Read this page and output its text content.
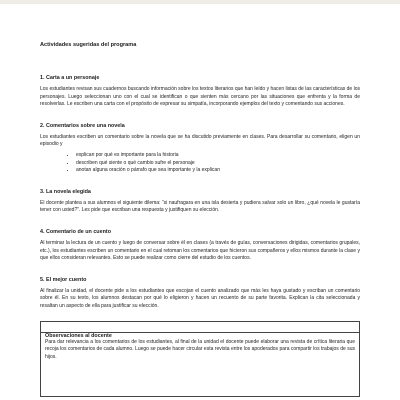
Actividades sugeridas del programa
1. Carta a un personaje

Los estudiantes revisan sus cuadernos buscando información sobre los textos literarios que han leído y hacen listas de las características de los personajes. Luego seleccionan uno con el cual se identifican o que sienten más cercano por las situaciones que enfrenta y la forma de resolverlas. Le escriben una carta con el propósito de expresar su simpatía, incorporando ejemplos del texto y comentando sus acciones.

2. Comentarios sobre una novela

Los estudiantes escriben un comentario sobre la novela que se ha discutido previamente en clases. Para desarrollar su comentario, eligen un episodio y

• explican por qué es importante para la historia
• describen qué siente o qué cambio sufre el personaje
• anotan alguna oración o párrafo que sea importante y la explican
3. La novela elegida

El docente plantea a sus alumnos el siguiente dilema: “si naufragara en una isla desierta y pudiera salvar solo un libro, ¿qué novela le gustaría tener con usted?”. Les pide que escriban una respuesta y justifiquen su elección.

4. Comentario de un cuento

Al terminar la lectura de un cuento y luego de conversar sobre él en clases (a través de guías, conversaciones dirigidas, comentarios grupales, etc.), los estudiantes escriben un comentario en el cual retoman los comentarios que hicieron sus compañeros y ellos mismos durante la clase y que ellos consideran relevantes. Esto se puede realizar como cierre del estudio de los cuentos.

5. El mejor cuento

Al finalizar la unidad, el docente pide a los estudiantes que escojan el cuento analizado que más les haya gustado y escriban un comentario sobre él. En su texto, los alumnos destacan por qué lo eligieron y hacen un recuento de su parte favorita. Explican la cita seleccionada y resaltan un aspecto de ella para justificar su elección.

Observaciones al docente

Para dar relevancia a los comentarios de los estudiantes, al final de la unidad el docente puede elaborar una revista de crítica literaria que recoja los comentarios de cada alumno. Luego se puede hacer circular esta revista entre los apoderados para compartir los trabajos de sus hijos.
